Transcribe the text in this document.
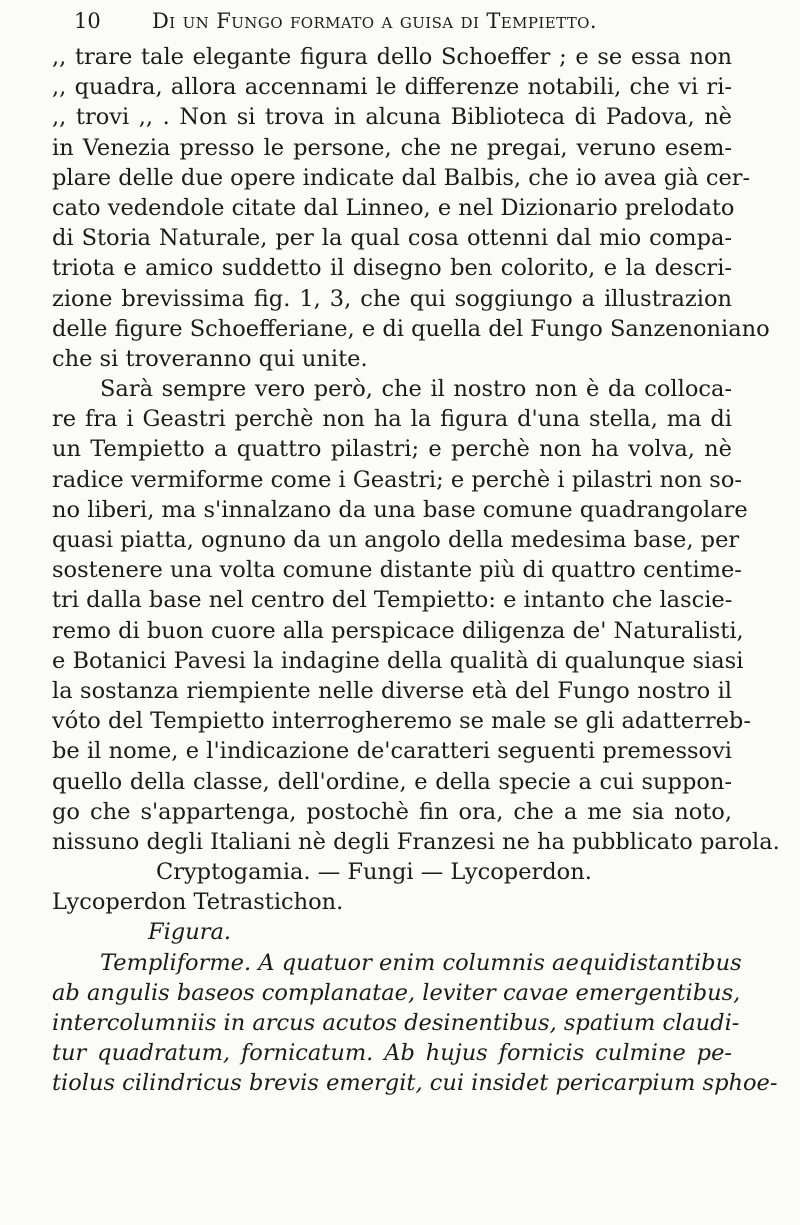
10 Di un Fungo formato a guisa di Tempietto.
,, trare tale elegante figura dello Schoeffer ; e se essa non
,, quadra, allora accennami le differenze notabili, che vi ri-
,, trovi ,, . Non si trova in alcuna Biblioteca di Padova, nè
in Venezia presso le persone, che ne pregai, veruno esem-
plare delle due opere indicate dal Balbis, che io avea già cer-
cato vedendole citate dal Linneo, e nel Dizionario prelodato
di Storia Naturale, per la qual cosa ottenni dal mio compa-
triota e amico suddetto il disegno ben colorito, e la descri-
zione brevissima fig. 1, 3, che qui soggiungo a illustrazion
delle figure Schoefferiane, e di quella del Fungo Sanzenoniano
che si troveranno qui unite.
Sarà sempre vero però, che il nostro non è da colloca-
re fra i Geastri perchè non ha la figura d'una stella, ma di
un Tempietto a quattro pilastri; e perchè non ha volva, nè
radice vermiforme come i Geastri; e perchè i pilastri non so-
no liberi, ma s'innalzano da una base comune quadrangolare
quasi piatta, ognuno da un angolo della medesima base, per
sostenere una volta comune distante più di quattro centime-
tri dalla base nel centro del Tempietto: e intanto che lascie-
remo di buon cuore alla perspicace diligenza de' Naturalisti,
e Botanici Pavesi la indagine della qualità di qualunque siasi
la sostanza riempiente nelle diverse età del Fungo nostro il
vóto del Tempietto interrogheremo se male se gli adatterreb-
be il nome, e l'indicazione de'caratteri seguenti premessovi
quello della classe, dell'ordine, e della specie a cui suppon-
go che s'appartenga, postochè fin ora, che a me sia noto,
nissuno degli Italiani nè degli Franzesi ne ha pubblicato parola.
Cryptogamia. — Fungi — Lycoperdon.
Lycoperdon Tetrastichon.
Figura.
Templiforme. A quatuor enim columnis aequidistantibus
ab angulis baseos complanatae, leviter cavae emergentibus,
intercolumniis in arcus acutos desinentibus, spatium claudi-
tur quadratum, fornicatum. Ab hujus fornicis culmine pe-
tiolus cilindricus brevis emergit, cui insidet pericarpium sphoe-
